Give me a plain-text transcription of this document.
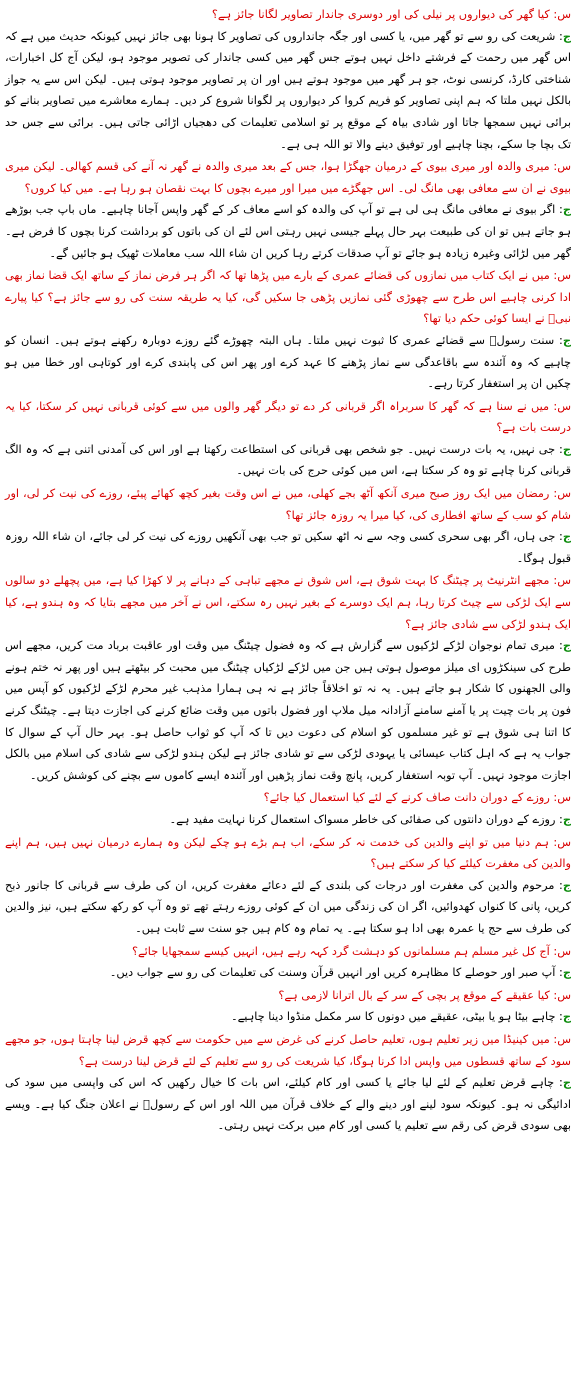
س: کیا گھر کی دیواروں پر نیلی کی اور دوسری جاندار تصاویر لگانا جائز ہے؟
ج: شریعت کی رو سے تو گھر میں، یا کسی اور جگہ جانداروں کی تصاویر کا ہونا بھی جائز نہیں کیونکہ حدیث میں ہے کہ اس گھر میں رحمت کے فرشتے داخل نہیں ہوتے جس گھر میں کسی جاندار کی تصویر موجود ہو، لیکن آج کل اخبارات، شناختی کارڈ، کرنسی نوٹ، جو ہر گھر میں موجود ہوتے ہیں اور ان پر تصاویر موجود ہوتی ہیں۔ لیکن اس سے یہ جواز بالکل نہیں ملتا کہ ہم اپنی تصاویر کو فریم کروا کر دیواروں پر لگوانا شروع کر دیں۔ ہمارے معاشرے میں تصاویر بنانے کو برائی نہیں سمجھا جاتا اور شادی بیاہ کے موقع پر تو اسلامی تعلیمات کی دھجیاں اڑائی جاتی ہیں۔ برائی سے جس حد تک بچا جا سکے، بچنا چاہیے اور توفیق دینے والا تو اللہ ہی ہے۔
س: میری والدہ اور میری بیوی کے درمیان جھگڑا ہوا، جس کے بعد میری والدہ نے گھر نہ آنے کی قسم کھالی۔ لیکن میری بیوی نے ان سے معافی بھی مانگ لی۔ اس جھگڑے میں میرا اور میرے بچوں کا بہت نقصان ہو رہا ہے۔ میں کیا کروں؟
ج: اگر بیوی نے معافی مانگ ہی لی ہے تو آپ کی والدہ کو اسے معاف کر کے گھر واپس آجانا چاہیے۔ ماں باپ جب بوڑھے ہو جاتے ہیں تو ان کی طبیعت بہر حال پہلے جیسی نہیں رہتی اس لئے ان کی باتوں کو برداشت کرنا بچوں کا فرض ہے۔ گھر میں لڑائی وغیرہ زیادہ ہو جائے تو آپ صدقات کرتے رہا کریں ان شاء اللہ سب معاملات ٹھیک ہو جائیں گے۔
س: میں نے ایک کتاب میں نمازوں کی قضائے عمری کے بارے میں پڑھا تھا کہ اگر ہر فرض نماز کے ساتھ ایک قضا نماز بھی ادا کرنی چاہیے اس طرح سے چھوڑی گئی نمازیں پڑھی جا سکیں گی، کیا یہ طریقہ سنت کی رو سے جائز ہے؟ کیا پیارے نبیؐ نے ایسا کوئی حکم دیا تھا؟
ج: سنت رسولؐ سے قضائے عمری کا ثبوت نہیں ملتا۔ ہاں البتہ چھوڑے گئے روزے دوبارہ رکھنے ہوتے ہیں۔ انسان کو چاہیے کہ وہ آئندہ سے باقاعدگی سے نماز پڑھنے کا عہد کرے اور پھر اس کی پابندی کرے اور کوتاہی اور خطا میں ہو چکیں ان پر استغفار کرتا رہے۔
س: میں نے سنا ہے کہ گھر کا سربراہ اگر قربانی کر دے تو دیگر گھر والوں میں سے کوئی قربانی نہیں کر سکتا، کیا یہ درست بات ہے؟
ج: جی نہیں، یہ بات درست نہیں۔ جو شخص بھی قربانی کی استطاعت رکھتا ہے اور اس کی آمدنی اتنی ہے کہ وہ الگ قربانی کرنا چاہے تو وہ کر سکتا ہے، اس میں کوئی حرج کی بات نہیں۔
س: رمضان میں ایک روز صبح میری آنکھ آٹھ بجے کھلی، میں نے اس وقت بغیر کچھ کھائے پیئے، روزے کی نیت کر لی، اور شام کو سب کے ساتھ افطاری کی، کیا میرا یہ روزہ جائز تھا؟
ج: جی ہاں، اگر بھی سحری کسی وجہ سے نہ اٹھ سکیں تو جب بھی آنکھیں روزے کی نیت کر لی جائے، ان شاء اللہ روزہ قبول ہوگا۔
س: مجھے انٹرنیٹ پر چیٹنگ کا بہت شوق ہے، اس شوق نے مجھے تباہی کے دہانے پر لا کھڑا کیا ہے، میں پچھلے دو سالوں سے ایک لڑکی سے چیٹ کرتا رہا، ہم ایک دوسرے کے بغیر نہیں رہ سکتے، اس نے آخر میں مجھے بتایا کہ وہ ہندو ہے، کیا ایک ہندو لڑکی سے شادی جائز ہے؟
ج: میری تمام نوجوان لڑکے لڑکیوں سے گزارش ہے کہ وہ فضول چیٹنگ میں وقت اور عاقبت برباد مت کریں، مجھے اس طرح کی سینکڑوں ای میلز موصول ہوتی ہیں جن میں لڑکے لڑکیاں چیٹنگ میں محبت کر بیٹھتے ہیں اور پھر نہ ختم ہونے والی الجھنوں کا شکار ہو جاتے ہیں۔ یہ نہ تو اخلاقاً جائز ہے نہ ہی ہمارا مذہب غیر محرم لڑکے لڑکیوں کو آپس میں فون پر بات چیت پر یا آمنے سامنے آزادانہ میل ملاپ اور فضول باتوں میں وقت ضائع کرنے کی اجازت دیتا ہے۔ چیٹنگ کرنے کا اتنا ہی شوق ہے تو غیر مسلموں کو اسلام کی دعوت دیں تا کہ آپ کو ثواب حاصل ہو۔ بہر حال آپ کے سوال کا جواب یہ ہے کہ اہل کتاب عیسائی یا یہودی لڑکی سے تو شادی جائز ہے لیکن ہندو لڑکی سے شادی کی اسلام میں بالکل اجازت موجود نہیں۔ آپ توبہ استغفار کریں، پانچ وقت نماز پڑھیں اور آئندہ ایسے کاموں سے بچنے کی کوشش کریں۔
س: روزے کے دوران دانت صاف کرنے کے لئے کیا استعمال کیا جائے؟
ج: روزے کے دوران دانتوں کی صفائی کی خاطر مسواک استعمال کرنا نہایت مفید ہے۔
س: ہم دنیا میں تو اپنے والدین کی خدمت نہ کر سکے، اب ہم بڑے ہو چکے لیکن وہ ہمارے درمیان نہیں ہیں، ہم اپنے والدین کی مغفرت کیلئے کیا کر سکتے ہیں؟
ج: مرحوم والدین کی مغفرت اور درجات کی بلندی کے لئے دعائے مغفرت کریں، ان کی طرف سے قربانی کا جانور ذبح کریں، پانی کا کنواں کھدوائیں، اگر ان کی زندگی میں ان کے کوئی روزے رہتے تھے تو وہ آپ کو رکھ سکتے ہیں، نیز والدین کی طرف سے حج یا عمرہ بھی ادا ہو سکتا ہے۔ یہ تمام وہ کام ہیں جو سنت سے ثابت ہیں۔
س: آج کل غیر مسلم ہم مسلمانوں کو دہشت گرد کہہ رہے ہیں، انہیں کیسے سمجھایا جائے؟
ج: آپ صبر اور حوصلے کا مظاہرہ کریں اور انہیں قرآن وسنت کی تعلیمات کی رو سے جواب دیں۔
س: کیا عقیقے کے موقع پر بچی کے سر کے بال اترانا لازمی ہے؟
ج: چاہے بیٹا ہو یا بیٹی، عقیقے میں دونوں کا سر مکمل منڈوا دینا چاہیے۔
س: میں کینیڈا میں زیر تعلیم ہوں، تعلیم حاصل کرنے کی غرض سے میں حکومت سے کچھ قرض لینا چاہتا ہوں، جو مجھے سود کے ساتھ قسطوں میں واپس ادا کرنا ہوگا، کیا شریعت کی رو سے تعلیم کے لئے قرض لینا درست ہے؟
ج: چاہے قرض تعلیم کے لئے لیا جائے یا کسی اور کام کیلئے، اس بات کا خیال رکھیں کہ اس کی واپسی میں سود کی ادائیگی نہ ہو۔ کیونکہ سود لینے اور دینے والے کے خلاف قرآن میں اللہ اور اس کے رسولؐ نے اعلان جنگ کیا ہے۔ ویسے بھی سودی قرض کی رقم سے تعلیم یا کسی اور کام میں برکت نہیں رہتی۔
